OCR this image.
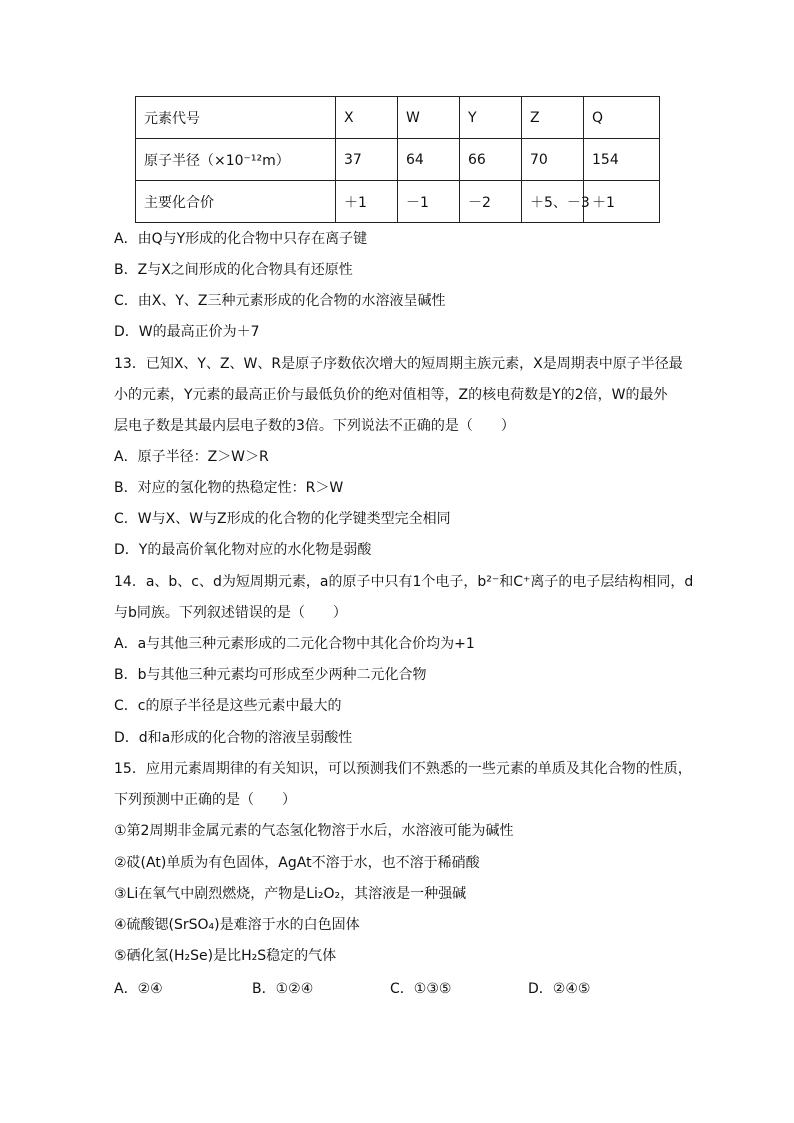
元素代号	X	W	Y	Z	Q
原子半径（×10⁻¹²m）	37	64	66	70	154
主要化合价	＋1	－1	－2	＋5、－3	＋1
A．由Q与Y形成的化合物中只存在离子键
B．Z与X之间形成的化合物具有还原性
C．由X、Y、Z三种元素形成的化合物的水溶液呈碱性
D．W的最高正价为＋7
13．已知X、Y、Z、W、R是原子序数依次增大的短周期主族元素，X是周期表中原子半径最
小的元素，Y元素的最高正价与最低负价的绝对值相等，Z的核电荷数是Y的2倍，W的最外
层电子数是其最内层电子数的3倍。下列说法不正确的是（　　）
A．原子半径：Z＞W＞R
B．对应的氢化物的热稳定性：R＞W
C．W与X、W与Z形成的化合物的化学键类型完全相同
D．Y的最高价氧化物对应的水化物是弱酸
14．a、b、c、d为短周期元素，a的原子中只有1个电子，b²⁻和C⁺离子的电子层结构相同，d
与b同族。下列叙述错误的是（　　）
A．a与其他三种元素形成的二元化合物中其化合价均为+1
B．b与其他三种元素均可形成至少两种二元化合物
C．c的原子半径是这些元素中最大的
D．d和a形成的化合物的溶液呈弱酸性
15．应用元素周期律的有关知识，可以预测我们不熟悉的一些元素的单质及其化合物的性质，
下列预测中正确的是（　　）
①第2周期非金属元素的气态氢化物溶于水后，水溶液可能为碱性
②砹(At)单质为有色固体，AgAt不溶于水，也不溶于稀硝酸
③Li在氧气中剧烈燃烧，产物是Li₂O₂，其溶液是一种强碱
④硫酸锶(SrSO₄)是难溶于水的白色固体
⑤硒化氢(H₂Se)是比H₂S稳定的气体
A．②④	B．①②④	C．①③⑤	D．②④⑤
